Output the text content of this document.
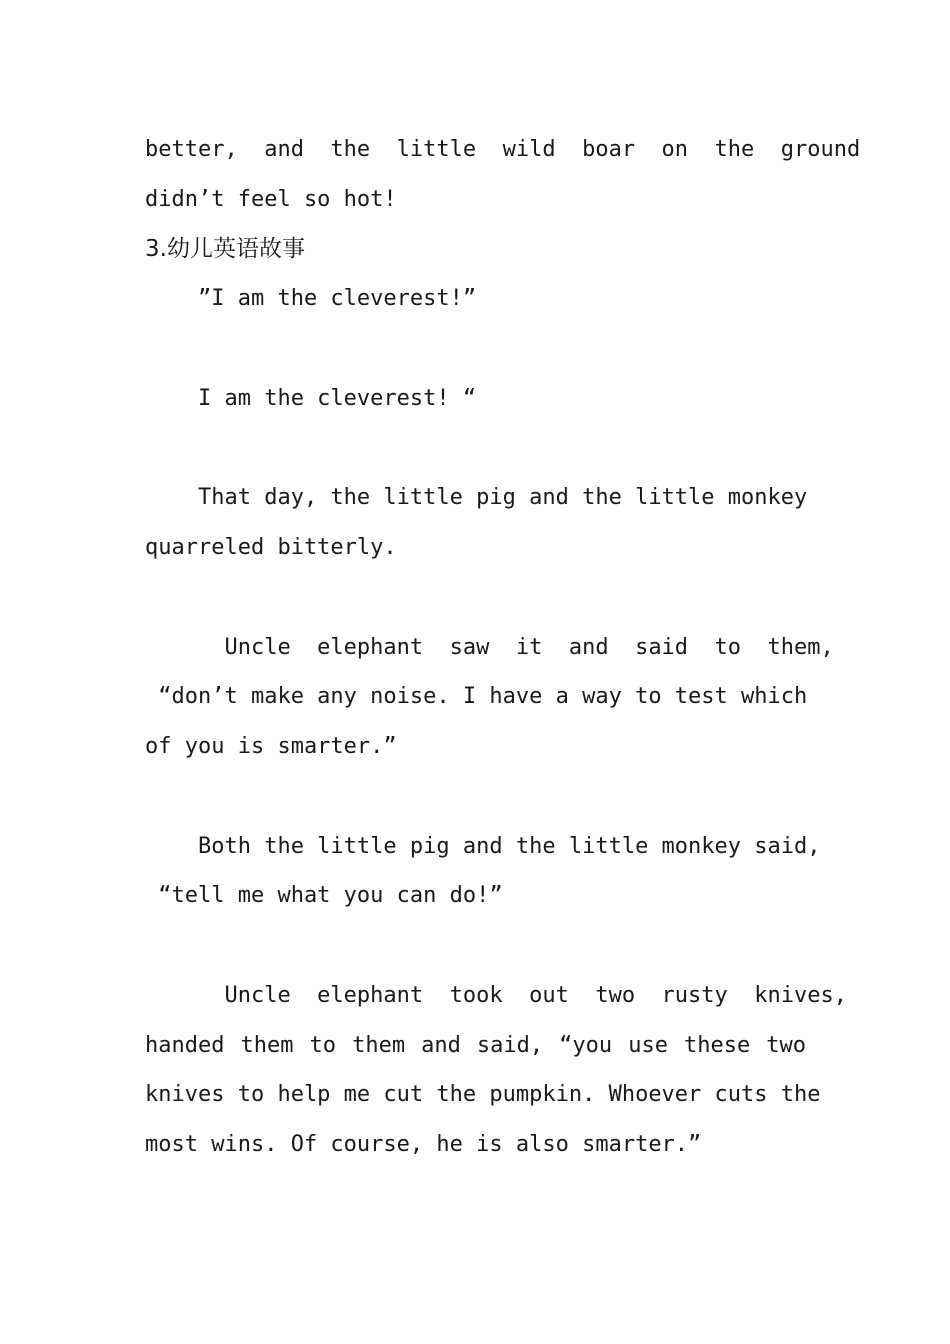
better,  and  the  little  wild  boar  on  the  ground
didn’t feel so hot!
3.幼儿英语故事
”I am the cleverest!”
I am the cleverest! “
That day, the little pig and the little monkey
quarreled bitterly.
Uncle  elephant  saw  it  and  said  to  them,
“don’t make any noise. I have a way to test which
of you is smarter.”
Both the little pig and the little monkey said,
“tell me what you can do!”
Uncle  elephant  took  out  two  rusty  knives,
handed them to them and said, “you use these two
knives to help me cut the pumpkin. Whoever cuts the
most wins. Of course, he is also smarter.”
